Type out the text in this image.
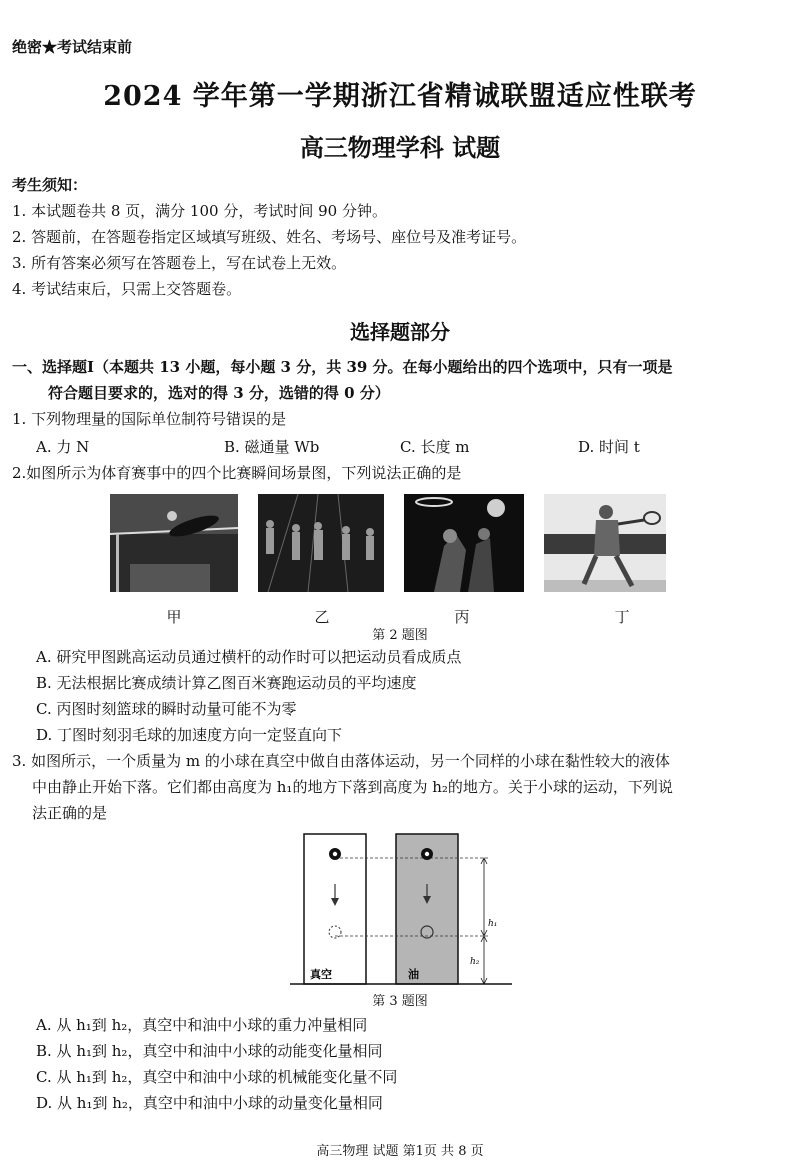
绝密★考试结束前
2024 学年第一学期浙江省精诚联盟适应性联考
高三物理学科 试题
考生须知：
1. 本试题卷共 8 页，满分 100 分，考试时间 90 分钟。
2. 答题前，在答题卷指定区域填写班级、姓名、考场号、座位号及准考证号。
3. 所有答案必须写在答题卷上，写在试卷上无效。
4. 考试结束后，只需上交答题卷。
选择题部分
一、选择题Ⅰ（本题共 13 小题，每小题 3 分，共 39 分。在每小题给出的四个选项中，只有一项是
符合题目要求的，选对的得 3 分，选错的得 0 分）
1. 下列物理量的国际单位制符号错误的是
A. 力 N	B. 磁通量 Wb	C. 长度 m	D. 时间 t
2.如图所示为体育赛事中的四个比赛瞬间场景图，下列说法正确的是
甲	乙	丙	丁
第 2 题图
A. 研究甲图跳高运动员通过横杆的动作时可以把运动员看成质点
B. 无法根据比赛成绩计算乙图百米赛跑运动员的平均速度
C. 丙图时刻篮球的瞬时动量可能不为零
D. 丁图时刻羽毛球的加速度方向一定竖直向下
3. 如图所示，一个质量为 m 的小球在真空中做自由落体运动，另一个同样的小球在黏性较大的液体
中由静止开始下落。它们都由高度为 h₁的地方下落到高度为 h₂的地方。关于小球的运动，下列说
法正确的是
h₁
h₂
真空	油
第 3 题图
A. 从 h₁到 h₂，真空中和油中小球的重力冲量相同
B. 从 h₁到 h₂，真空中和油中小球的动能变化量相同
C. 从 h₁到 h₂，真空中和油中小球的机械能变化量不同
D. 从 h₁到 h₂，真空中和油中小球的动量变化量相同
高三物理 试题 第1页 共 8 页
